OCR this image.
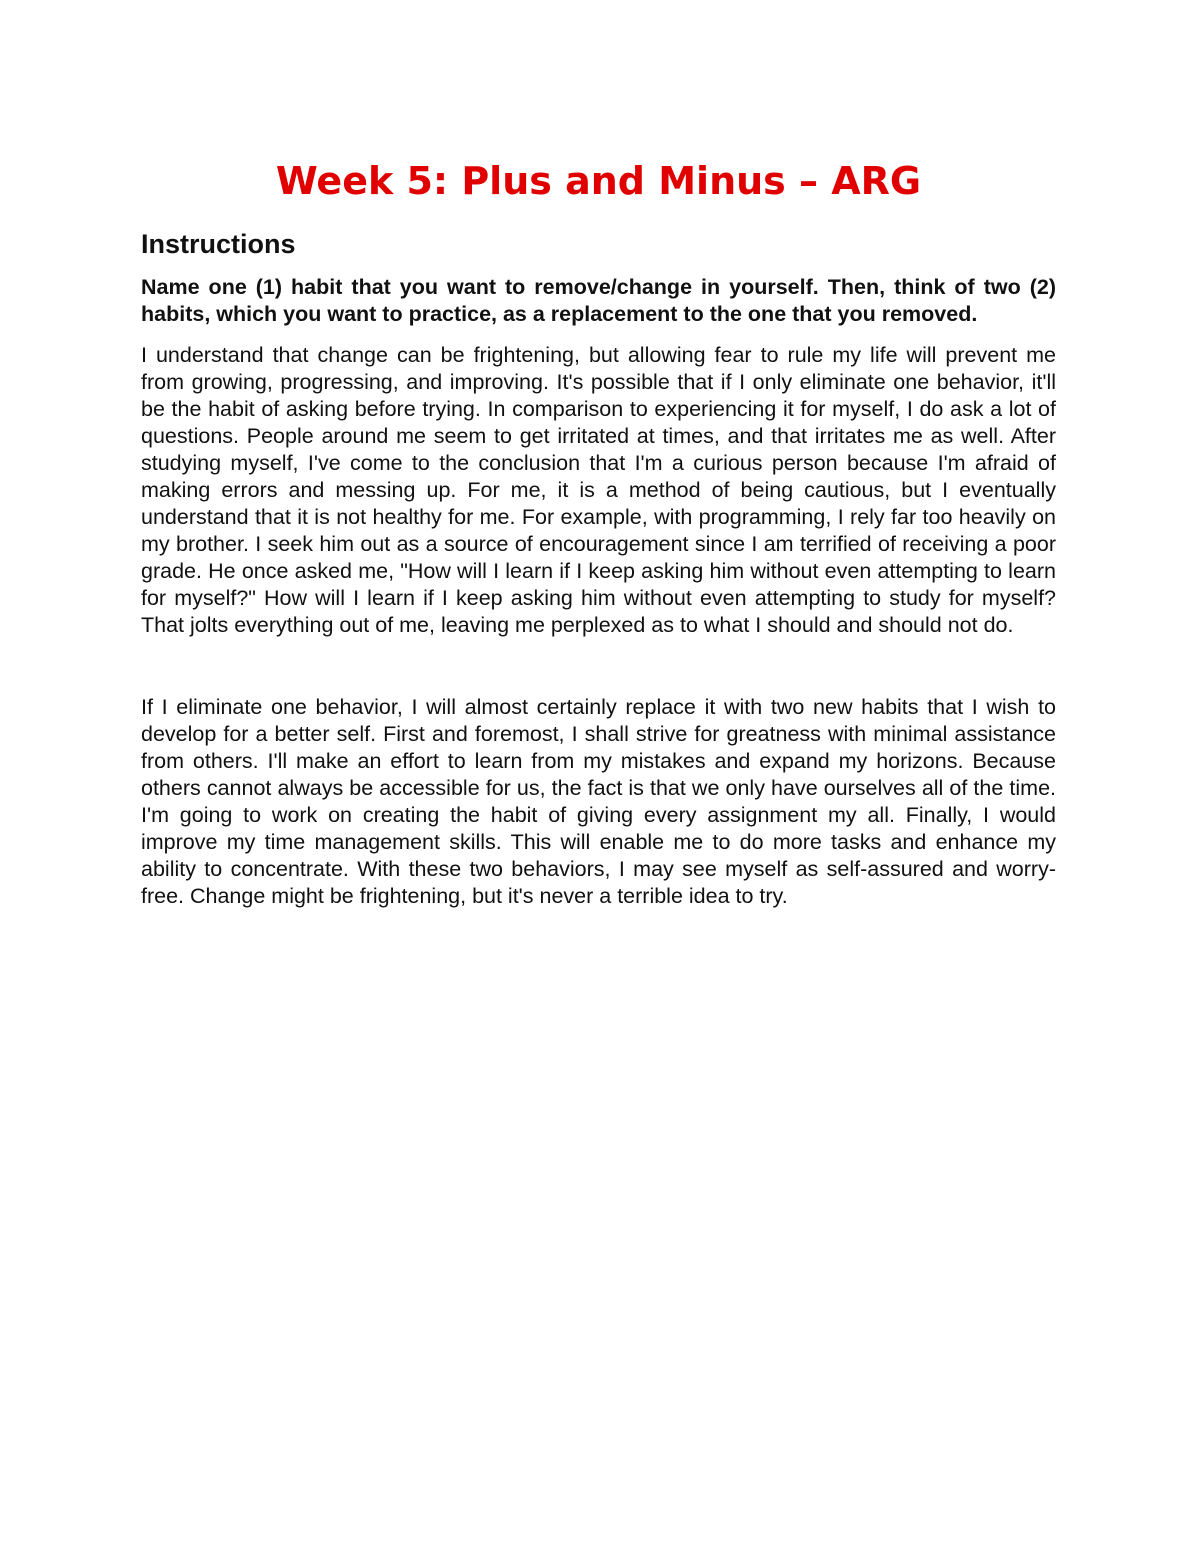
Week 5: Plus and Minus – ARG
Instructions

Name one (1) habit that you want to remove/change in yourself. Then, think of two (2) habits, which you want to practice, as a replacement to the one that you removed.

I understand that change can be frightening, but allowing fear to rule my life will prevent me from growing, progressing, and improving. It's possible that if I only eliminate one behavior, it'll be the habit of asking before trying. In comparison to experiencing it for myself, I do ask a lot of questions. People around me seem to get irritated at times, and that irritates me as well. After studying myself, I've come to the conclusion that I'm a curious person because I'm afraid of making errors and messing up. For me, it is a method of being cautious, but I eventually understand that it is not healthy for me. For example, with programming, I rely far too heavily on my brother. I seek him out as a source of encouragement since I am terrified of receiving a poor grade. He once asked me, "How will I learn if I keep asking him without even attempting to learn for myself?" How will I learn if I keep asking him without even attempting to study for myself? That jolts everything out of me, leaving me perplexed as to what I should and should not do.

If I eliminate one behavior, I will almost certainly replace it with two new habits that I wish to develop for a better self. First and foremost, I shall strive for greatness with minimal assistance from others. I'll make an effort to learn from my mistakes and expand my horizons. Because others cannot always be accessible for us, the fact is that we only have ourselves all of the time. I'm going to work on creating the habit of giving every assignment my all. Finally, I would improve my time management skills. This will enable me to do more tasks and enhance my ability to concentrate. With these two behaviors, I may see myself as self-assured and worry-free. Change might be frightening, but it's never a terrible idea to try.
